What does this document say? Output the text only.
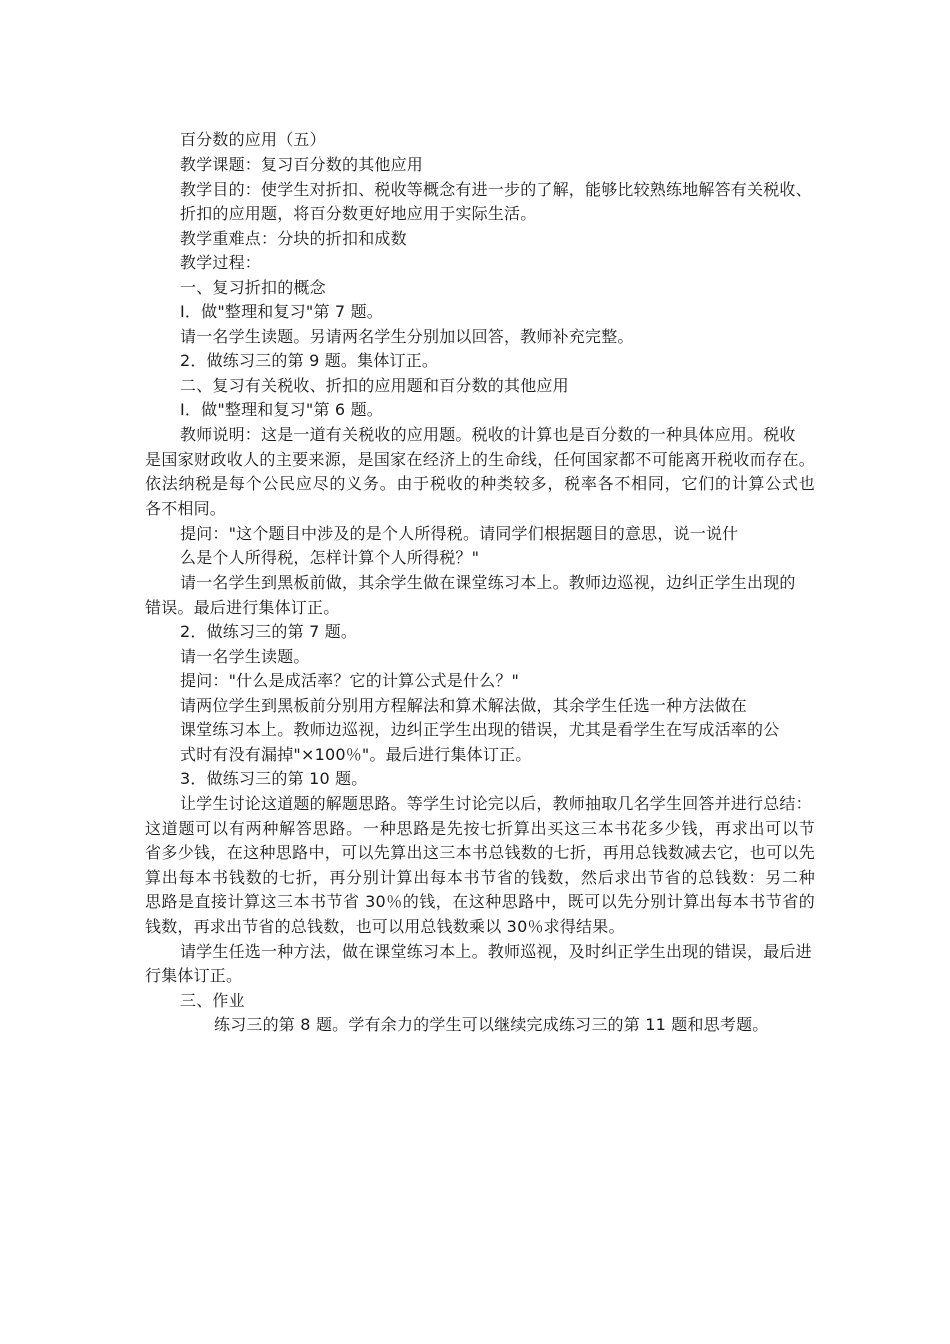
百分数的应用（五）
教学课题：复习百分数的其他应用
教学目的：使学生对折扣、税收等概念有进一步的了解，能够比较熟练地解答有关税收、
折扣的应用题，将百分数更好地应用于实际生活。
教学重难点：分块的折扣和成数
教学过程：
一、复习折扣的概念
I．做"整理和复习"第 7 题。
请一名学生读题。另请两名学生分别加以回答，教师补充完整。
2．做练习三的第 9 题。集体订正。
二、复习有关税收、折扣的应用题和百分数的其他应用
I．做"整理和复习"第 6 题。
教师说明：这是一道有关税收的应用题。税收的计算也是百分数的一种具体应用。税收
是国家财政收人的主要来源，是国家在经济上的生命线，任何国家都不可能离开税收而存在。
依法纳税是每个公民应尽的义务。由于税收的种类较多，税率各不相同，它们的计算公式也
各不相同。
提问："这个题目中涉及的是个人所得税。请同学们根据题目的意思，说一说什
么是个人所得税，怎样计算个人所得税？"
请一名学生到黑板前做，其余学生做在课堂练习本上。教师边巡视，边纠正学生出现的
错误。最后进行集体订正。
2．做练习三的第 7 题。
请一名学生读题。
提问："什么是成活率？它的计算公式是什么？"
请两位学生到黑板前分别用方程解法和算术解法做，其余学生任选一种方法做在
课堂练习本上。教师边巡视，边纠正学生出现的错误，尤其是看学生在写成活率的公
式时有没有漏掉"×100％"。最后进行集体订正。
3．做练习三的第 10 题。
让学生讨论这道题的解题思路。等学生讨论完以后，教师抽取几名学生回答并进行总结：
这道题可以有两种解答思路。一种思路是先按七折算出买这三本书花多少钱，再求出可以节
省多少钱，在这种思路中，可以先算出这三本书总钱数的七折，再用总钱数减去它，也可以先
算出每本书钱数的七折，再分别计算出每本书节省的钱数，然后求出节省的总钱数：另二种
思路是直接计算这三本书节省 30％的钱，在这种思路中，既可以先分别计算出每本书节省的
钱数，再求出节省的总钱数，也可以用总钱数乘以 30％求得结果。
请学生任选一种方法，做在课堂练习本上。教师巡视，及时纠正学生出现的错误，最后进
行集体订正。
三、作业
练习三的第 8 题。学有余力的学生可以继续完成练习三的第 11 题和思考题。
